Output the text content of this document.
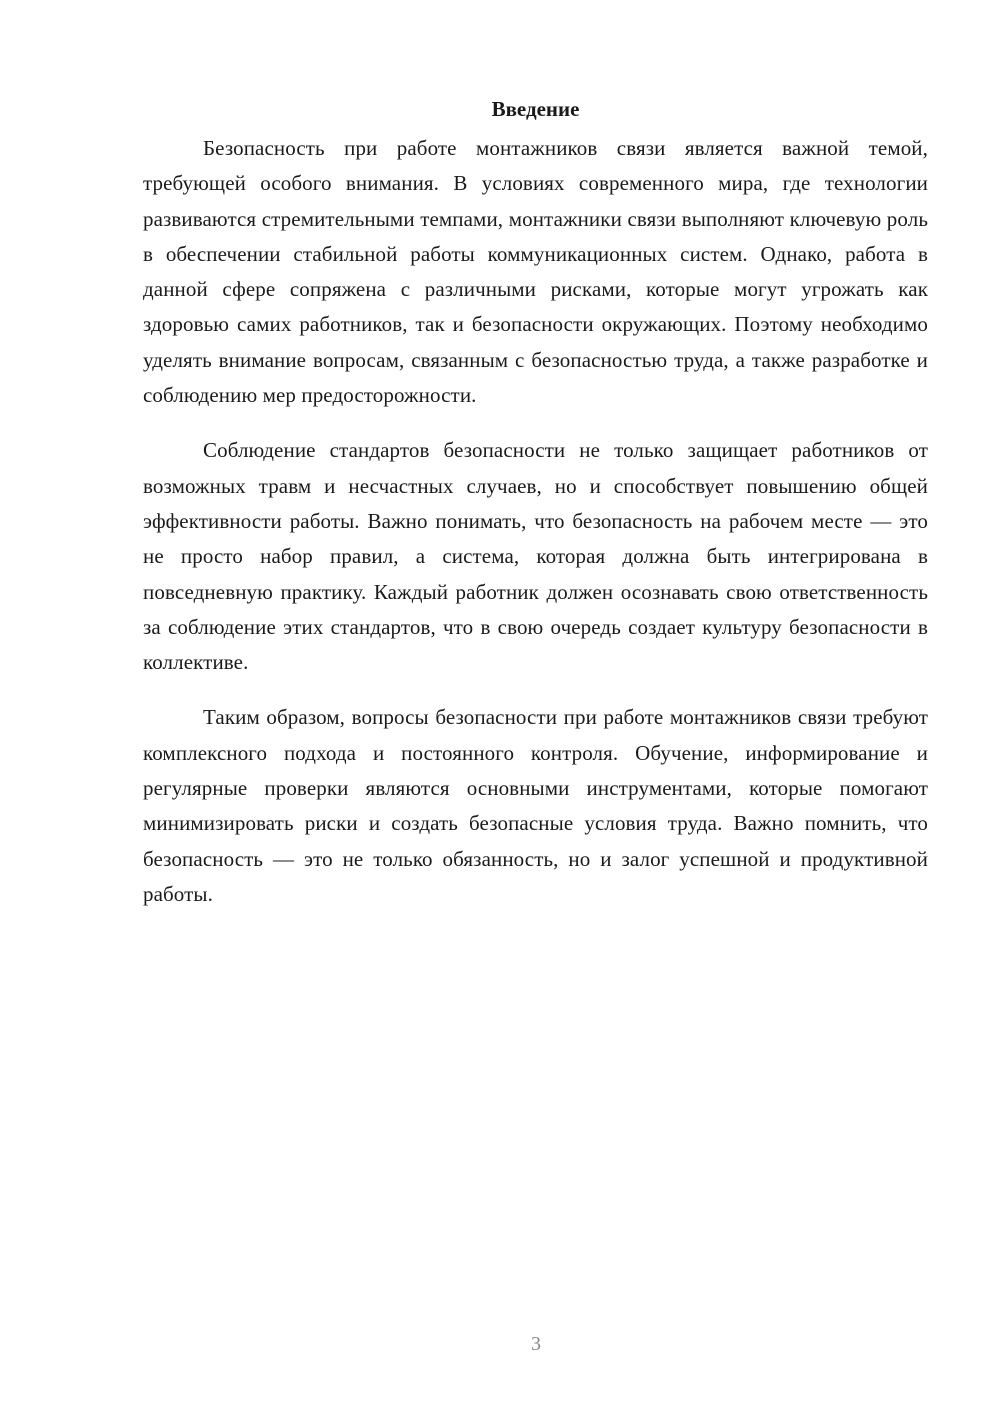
Введение

Безопасность при работе монтажников связи является важной темой, требующей особого внимания. В условиях современного мира, где технологии развиваются стремительными темпами, монтажники связи выполняют ключевую роль в обеспечении стабильной работы коммуникационных систем. Однако, работа в данной сфере сопряжена с различными рисками, которые могут угрожать как здоровью самих работников, так и безопасности окружающих. Поэтому необходимо уделять внимание вопросам, связанным с безопасностью труда, а также разработке и соблюдению мер предосторожности.

Соблюдение стандартов безопасности не только защищает работников от возможных травм и несчастных случаев, но и способствует повышению общей эффективности работы. Важно понимать, что безопасность на рабочем месте — это не просто набор правил, а система, которая должна быть интегрирована в повседневную практику. Каждый работник должен осознавать свою ответственность за соблюдение этих стандартов, что в свою очередь создает культуру безопасности в коллективе.

Таким образом, вопросы безопасности при работе монтажников связи требуют комплексного подхода и постоянного контроля. Обучение, информирование и регулярные проверки являются основными инструментами, которые помогают минимизировать риски и создать безопасные условия труда. Важно помнить, что безопасность — это не только обязанность, но и залог успешной и продуктивной работы.

3
